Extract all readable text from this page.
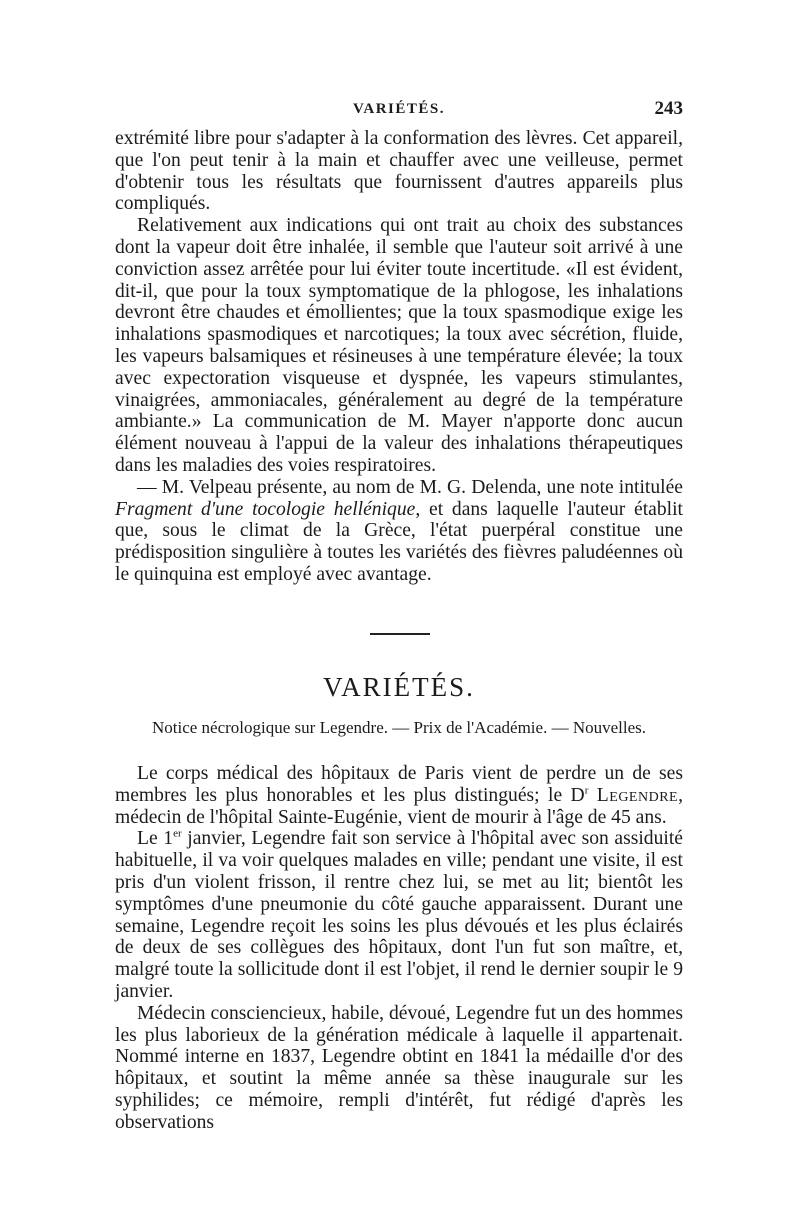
VARIÉTÉS.	243

extrémité libre pour s'adapter à la conformation des lèvres. Cet appareil, que l'on peut tenir à la main et chauffer avec une veilleuse, permet d'obtenir tous les résultats que fournissent d'autres appareils plus compliqués.

Relativement aux indications qui ont trait au choix des substances dont la vapeur doit être inhalée, il semble que l'auteur soit arrivé à une conviction assez arrêtée pour lui éviter toute incertitude. «Il est évident, dit-il, que pour la toux symptomatique de la phlogose, les inhalations devront être chaudes et émollientes; que la toux spasmodique exige les inhalations spasmodiques et narcotiques; la toux avec sécrétion, fluide, les vapeurs balsamiques et résineuses à une température élevée; la toux avec expectoration visqueuse et dyspnée, les vapeurs stimulantes, vinaigrées, ammoniacales, généralement au degré de la température ambiante.» La communication de M. Mayer n'apporte donc aucun élément nouveau à l'appui de la valeur des inhalations thérapeutiques dans les maladies des voies respiratoires.

— M. Velpeau présente, au nom de M. G. Delenda, une note intitulée Fragment d'une tocologie hellénique, et dans laquelle l'auteur établit que, sous le climat de la Grèce, l'état puerpéral constitue une prédisposition singulière à toutes les variétés des fièvres paludéennes où le quinquina est employé avec avantage.

VARIÉTÉS.
Notice nécrologique sur Legendre. — Prix de l'Académie. — Nouvelles.

Le corps médical des hôpitaux de Paris vient de perdre un de ses membres les plus honorables et les plus distingués; le $D^r$ Legendre, médecin de l'hôpital Sainte-Eugénie, vient de mourir à l'âge de 45 ans.

Le 1er janvier, Legendre fait son service à l'hôpital avec son assiduité habituelle, il va voir quelques malades en ville; pendant une visite, il est pris d'un violent frisson, il rentre chez lui, se met au lit; bientôt les symptômes d'une pneumonie du côté gauche apparaissent. Durant une semaine, Legendre reçoit les soins les plus dévoués et les plus éclairés de deux de ses collègues des hôpitaux, dont l'un fut son maître, et, malgré toute la sollicitude dont il est l'objet, il rend le dernier soupir le 9 janvier.

Médecin consciencieux, habile, dévoué, Legendre fut un des hommes les plus laborieux de la génération médicale à laquelle il appartenait. Nommé interne en 1837, Legendre obtint en 1841 la médaille d'or des hôpitaux, et soutint la même année sa thèse inaugurale sur les syphilides; ce mémoire, rempli d'intérêt, fut rédigé d'après les observations
